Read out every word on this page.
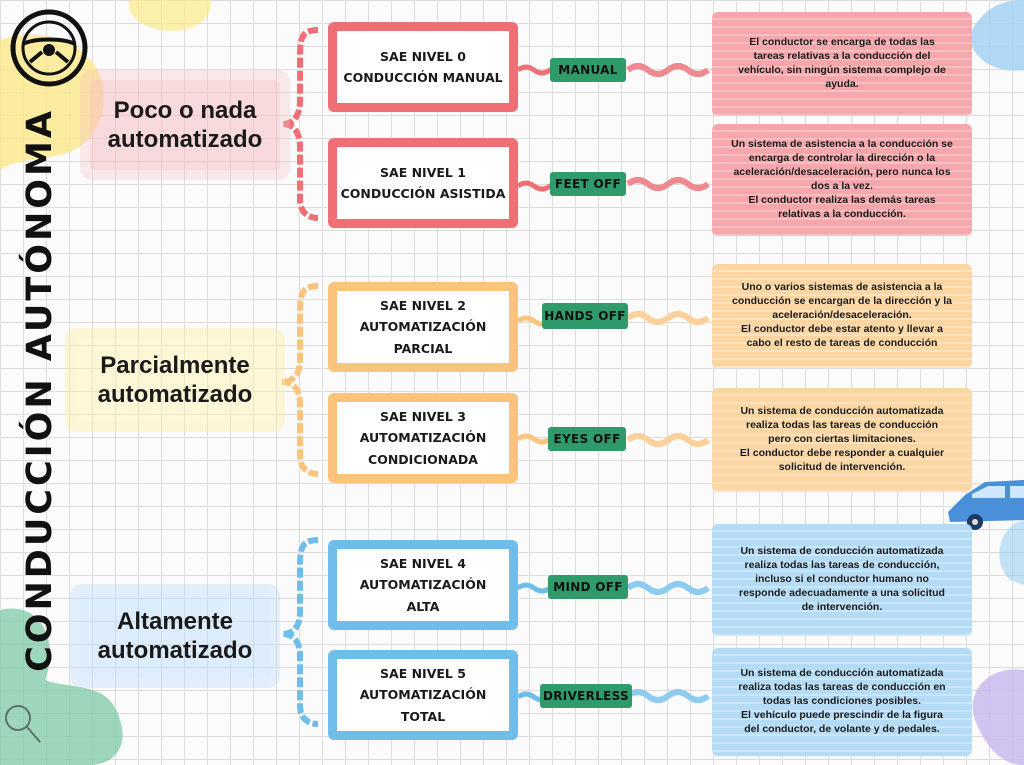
CONDUCCIÓN AUTÓNOMA Poco o nada
automatizado
Parcialmente
automatizado
Altamente
automatizado
SAE NIVEL 0
CONDUCCIÓN MANUAL
SAE NIVEL 1
CONDUCCIÓN ASISTIDA
SAE NIVEL 2
AUTOMATIZACIÓN
PARCIAL
SAE NIVEL 3
AUTOMATIZACIÓN
CONDICIONADA
SAE NIVEL 4
AUTOMATIZACIÓN
ALTA
SAE NIVEL 5
AUTOMATIZACIÓN
TOTAL
MANUAL
FEET OFF
HANDS OFF
EYES OFF
MIND OFF
DRIVERLESS
El conductor se encarga de todas las
tareas relativas a la conducción del
vehículo, sin ningún sistema complejo de
ayuda.
Un sistema de asistencia a la conducción se
encarga de controlar la dirección o la
aceleración/desaceleración, pero nunca los
dos a la vez.
El conductor realiza las demás tareas
relativas a la conducción.
Uno o varios sistemas de asistencia a la
conducción se encargan de la dirección y la
aceleración/desaceleración.
El conductor debe estar atento y llevar a
cabo el resto de tareas de conducción
Un sistema de conducción automatizada
realiza todas las tareas de conducción
pero con ciertas limitaciones.
El conductor debe responder a cualquier
solicitud de intervención.
Un sistema de conducción automatizada
realiza todas las tareas de conducción,
incluso si el conductor humano no
responde adecuadamente a una solicitud
de intervención.
Un sistema de conducción automatizada
realiza todas las tareas de conducción en
todas las condiciones posibles.
El vehículo puede prescindir de la figura
del conductor, de volante y de pedales.
